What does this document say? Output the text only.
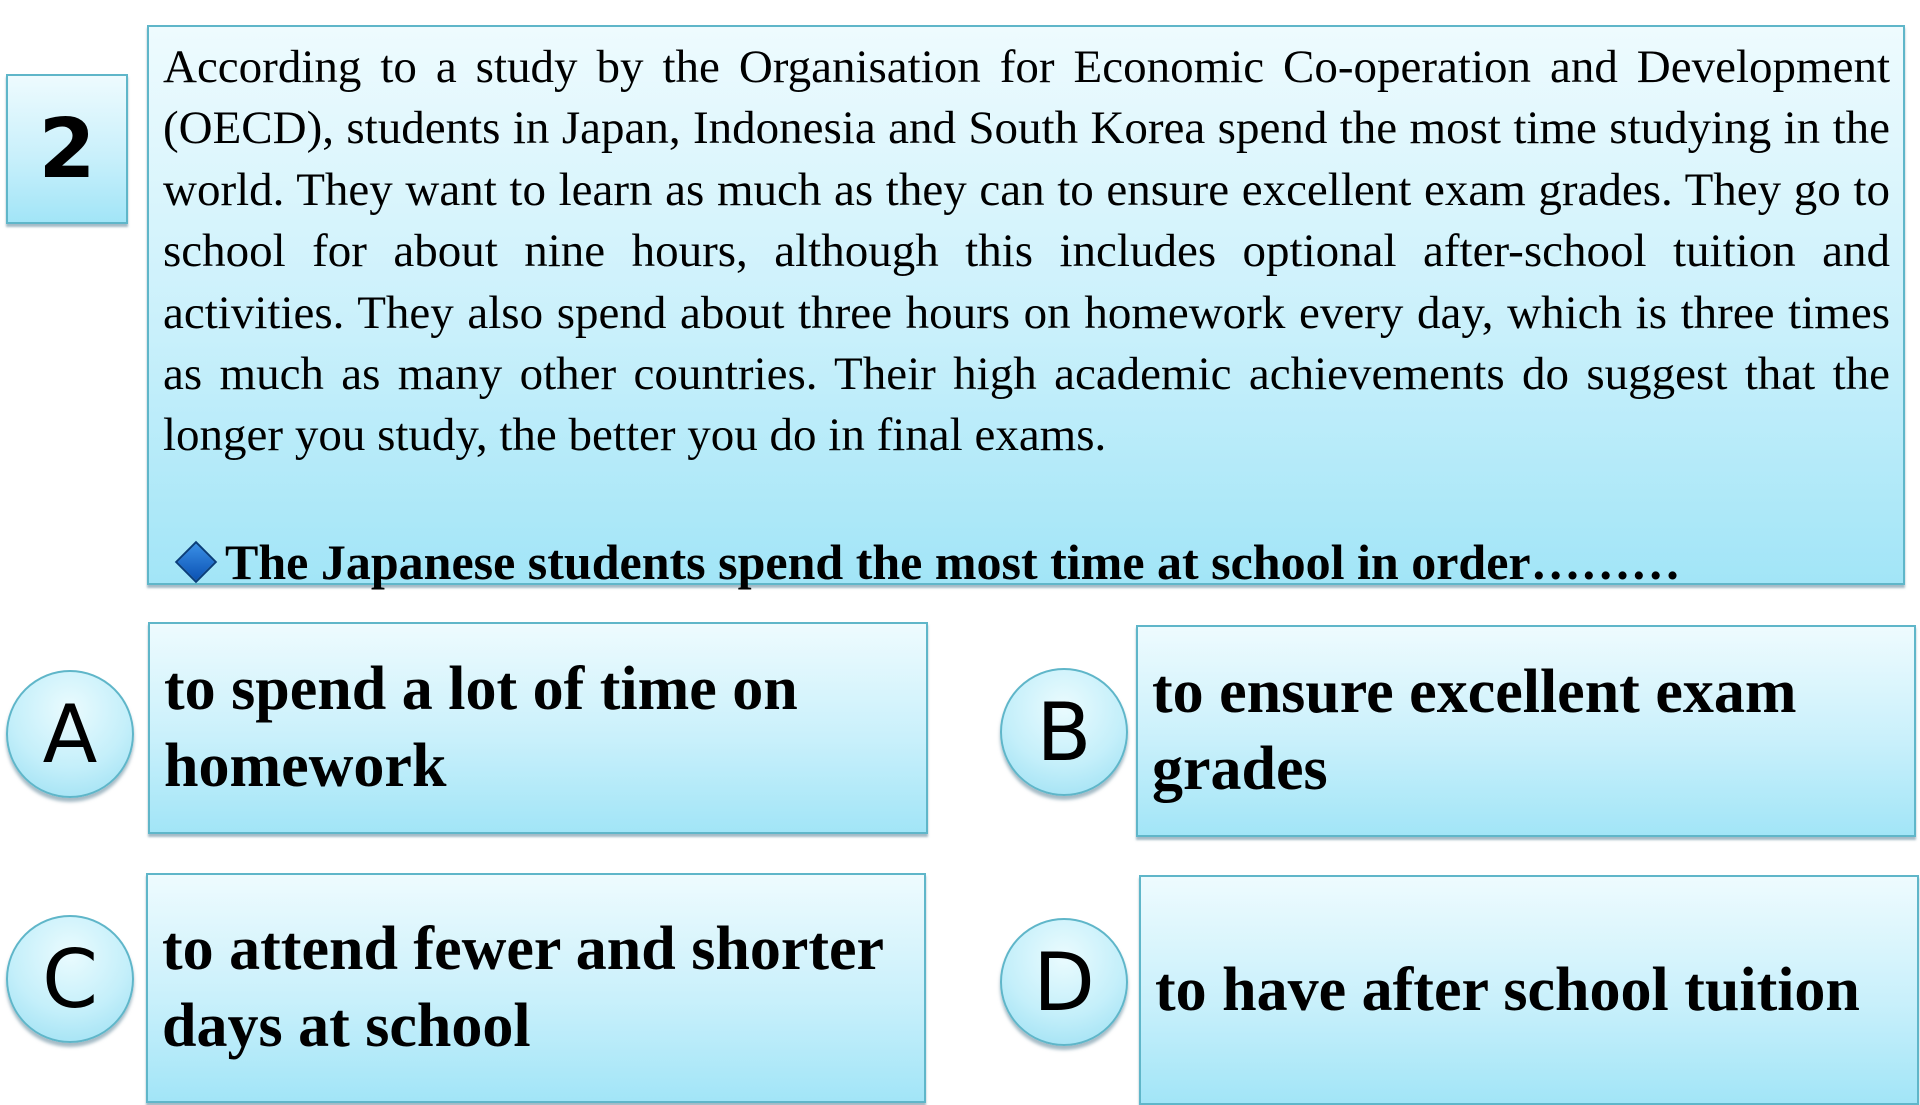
2

According to a study by the Organisation for Economic Co-operation and Development (OECD), students in Japan, Indonesia and South Korea spend the most time studying in the world. They want to learn as much as they can to ensure excellent exam grades. They go to school for about nine hours, although this includes optional after-school tuition and activities. They also spend about three hours on homework every day, which is three times as much as many other countries. Their high academic achievements do suggest that the longer you study, the better you do in final exams.

The Japanese students spend the most time at school in order………

to spend a lot of time on homework

A	to ensure excellent exam grades

B

to attend fewer and shorter days at school

C	to have after school tuition

D
